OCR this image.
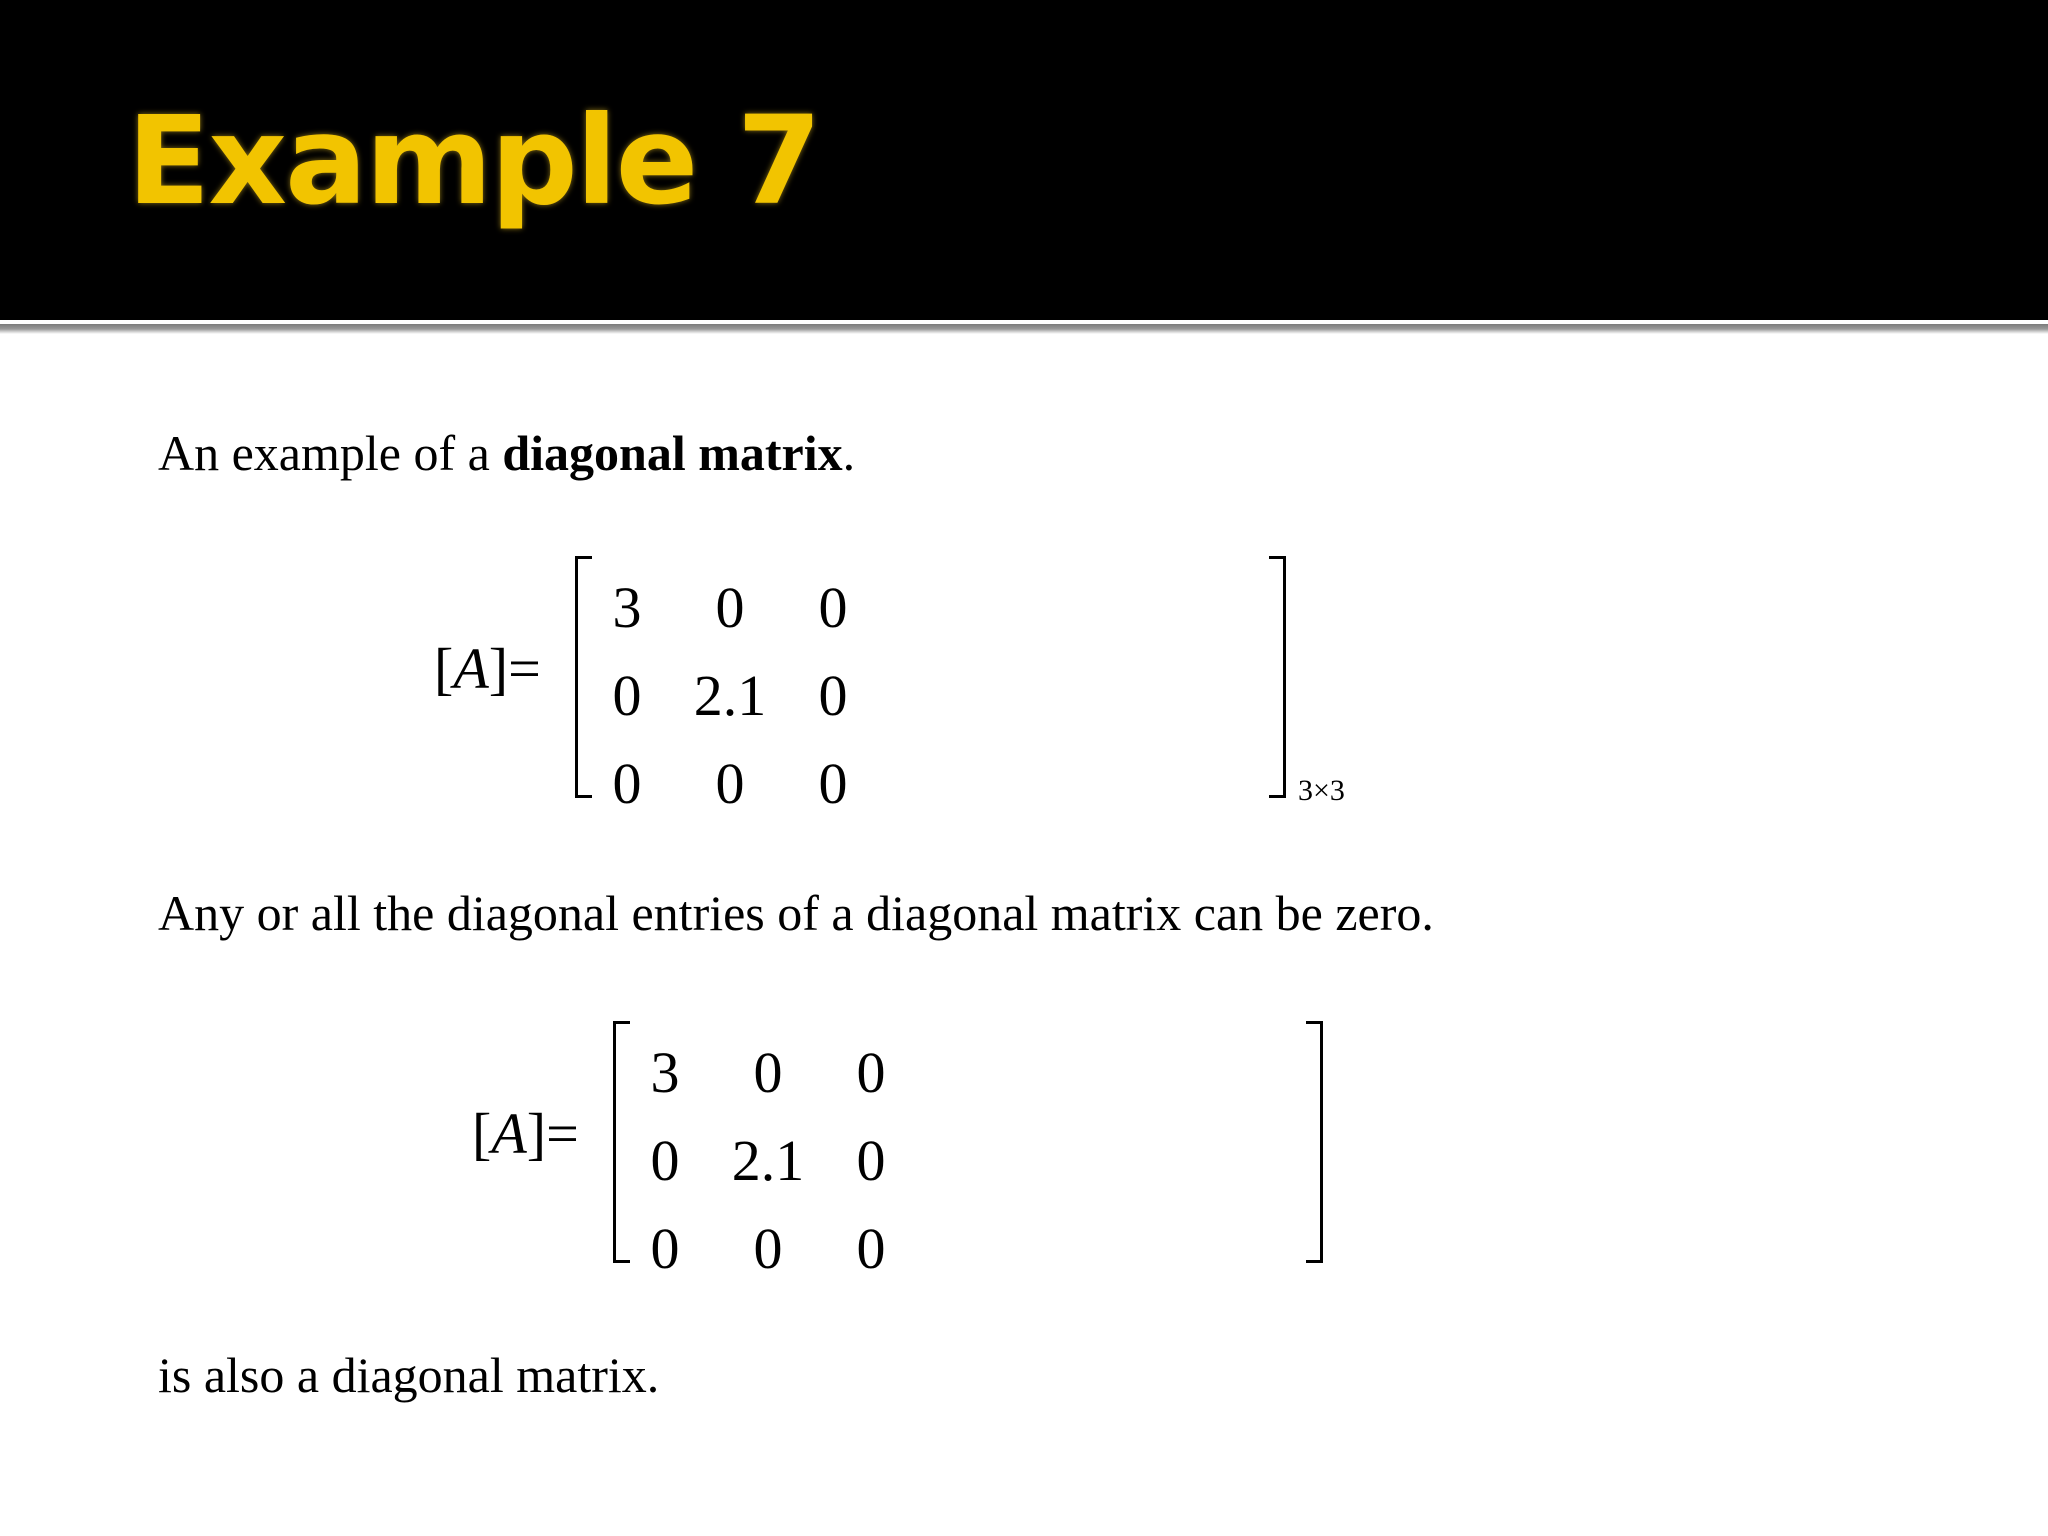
Example 7

An example of a diagonal matrix.

[A]=
3 0 0
0 2.1 0
0 0 0	3×3

Any or all the diagonal entries of a diagonal matrix can be zero.

[A]=
3 0 0
0 2.1 0
0 0 0

is also a diagonal matrix.
